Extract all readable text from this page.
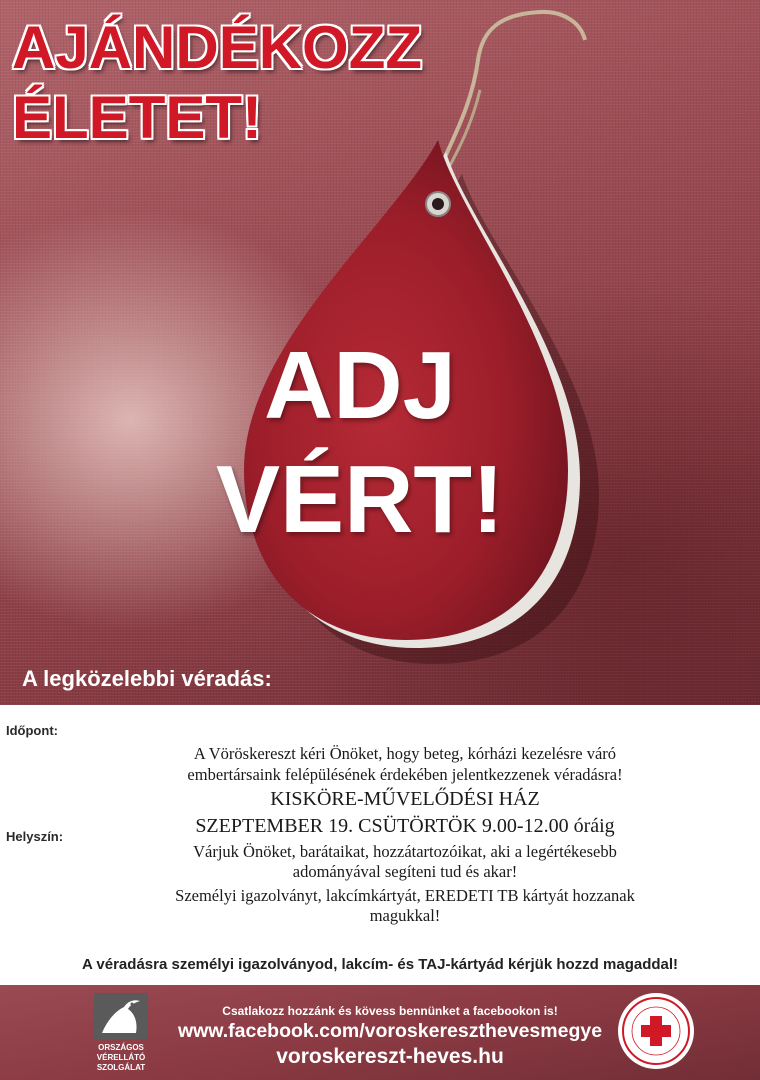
AJÁNDÉKOZZ
ÉLETET!

ADJ

VÉRT!

A legközelebbi véradás:

Időpont:
Helyszín:
A Vöröskereszt kéri Önöket, hogy beteg, kórházi kezelésre váró
embertársaink felépülésének érdekében jelentkezzenek véradásra!
KISKÖRE-MŰVELŐDÉSI HÁZ
SZEPTEMBER 19. CSÜTÖRTÖK 9.00-12.00 óráig
Várjuk Önöket, barátaikat, hozzátartozóikat, aki a legértékesebb
adományával segíteni tud és akar!
Személyi igazolványt, lakcímkártyát, EREDETI TB kártyát hozzanak
magukkal!

A véradásra személyi igazolványod, lakcím- és TAJ-kártyád kérjük hozzd magaddal!

ORSZÁGOS
VÉRELLÁTÓ
SZOLGÁLAT

Csatlakozz hozzánk és kövess bennünket a facebookon is!

www.facebook.com/voroskereszthevesmegye

voroskereszt-heves.hu
